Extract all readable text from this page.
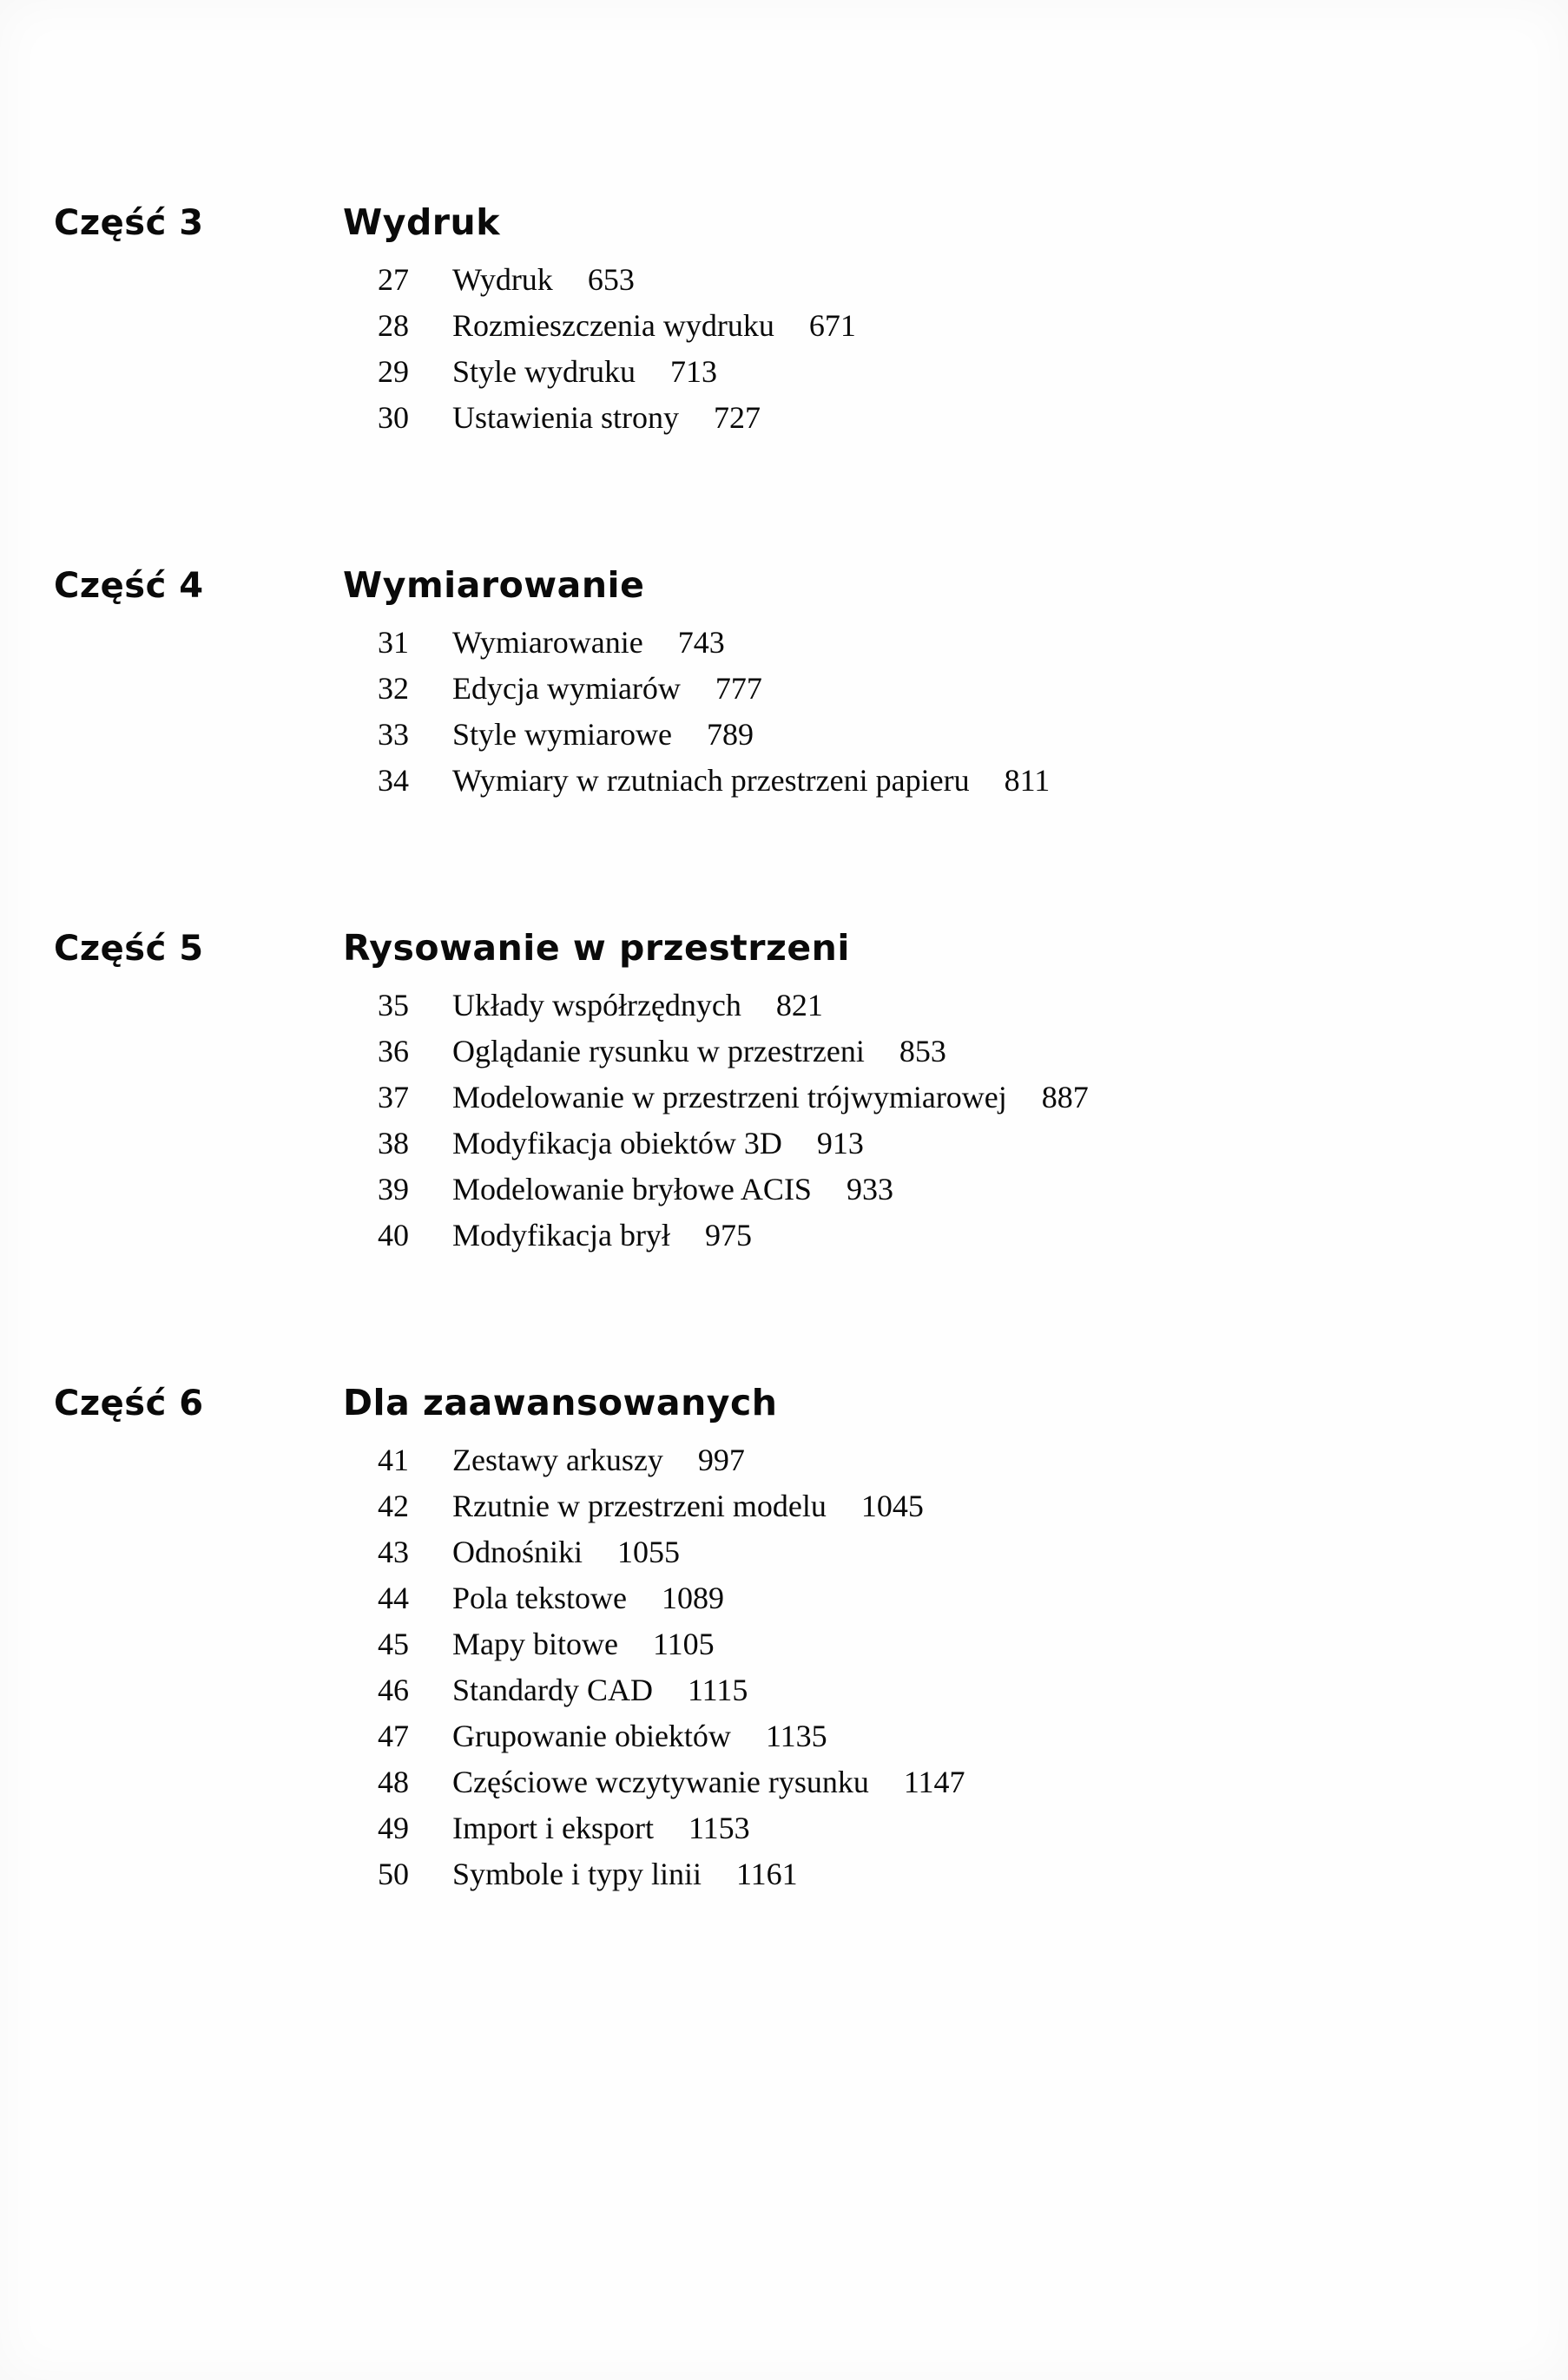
Część 3	Wydruk
27	Wydruk 653
28	Rozmieszczenia wydruku 671
29	Style wydruku 713
30	Ustawienia strony 727
Część 4	Wymiarowanie
31	Wymiarowanie 743
32	Edycja wymiarów 777
33	Style wymiarowe 789
34	Wymiary w rzutniach przestrzeni papieru 811
Część 5	Rysowanie w przestrzeni
35	Układy współrzędnych 821
36	Oglądanie rysunku w przestrzeni 853
37	Modelowanie w przestrzeni trójwymiarowej 887
38	Modyfikacja obiektów 3D 913
39	Modelowanie bryłowe ACIS 933
40	Modyfikacja brył 975
Część 6	Dla zaawansowanych
41	Zestawy arkuszy 997
42	Rzutnie w przestrzeni modelu 1045
43	Odnośniki 1055
44	Pola tekstowe 1089
45	Mapy bitowe 1105
46	Standardy CAD 1115
47	Grupowanie obiektów 1135
48	Częściowe wczytywanie rysunku 1147
49	Import i eksport 1153
50	Symbole i typy linii 1161
